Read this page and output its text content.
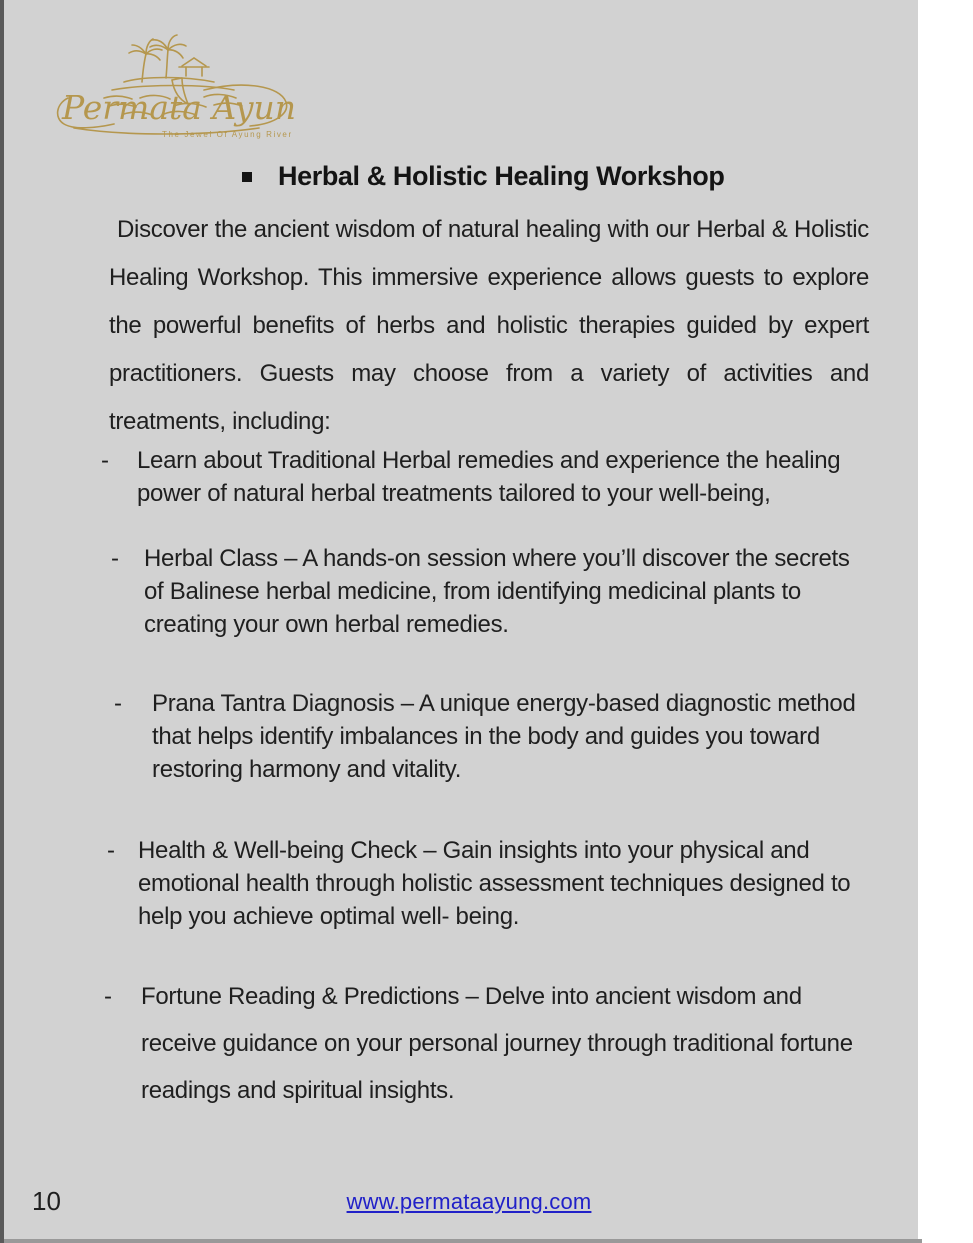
Permata Ayung
The Jewel Of Ayung River
Herbal & Holistic Healing Workshop
Discover the ancient wisdom of natural healing with our Herbal & Holistic Healing Workshop. This immersive experience allows guests to explore the powerful benefits of herbs and holistic therapies guided by expert practitioners. Guests may choose from a variety of activities and treatments, including:
-	Learn about Traditional Herbal remedies and experience the healing power of natural herbal treatments tailored to your well-being,
-	Herbal Class – A hands-on session where you’ll discover the secrets of Balinese herbal medicine, from identifying medicinal plants to creating your own herbal remedies.
-	Prana Tantra Diagnosis – A unique energy-based diagnostic method that helps identify imbalances in the body and guides you toward restoring harmony and vitality.
- Health & Well-being Check – Gain insights into your physical and emotional health through holistic assessment techniques designed to help you achieve optimal well- being.
-	Fortune Reading & Predictions – Delve into ancient wisdom and receive guidance on your personal journey through traditional fortune readings and spiritual insights.
10	www.permataayung.com
